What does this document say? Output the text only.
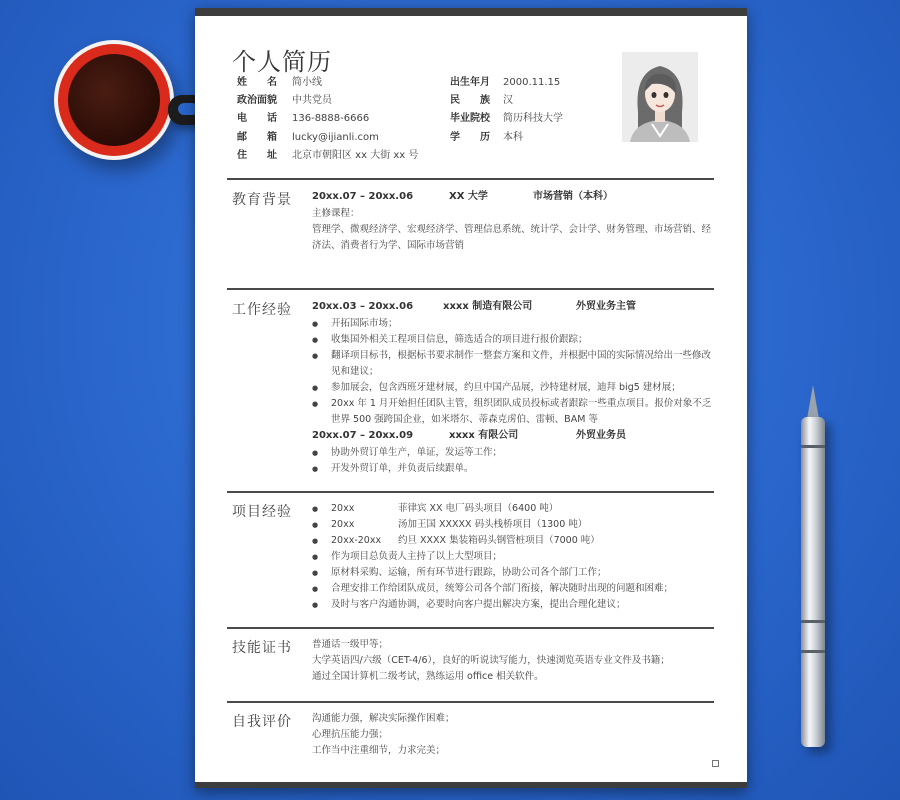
个人简历
姓 名 简小线
政治面貌 中共党员
电 话 136-8888-6666
邮 箱 lucky@ijianli.com
住 址 北京市朝阳区 xx 大街 xx 号
出生年月 2000.11.15
民 族 汉
毕业院校 简历科技大学
学 历 本科
教育背景 20xx.07 – 20xx.06	XX 大学	市场营销（本科）
主修课程：
管理学、微观经济学、宏观经济学、管理信息系统、统计学、会计学、财务管理、市场营销、经
济法、消费者行为学、国际市场营销
工作经验 20xx.03 – 20xx.06	xxxx 制造有限公司	外贸业务主管
● 开拓国际市场；
● 收集国外相关工程项目信息，筛选适合的项目进行报价跟踪；
● 翻译项目标书，根据标书要求制作一整套方案和文件，并根据中国的实际情况给出一些修改见和建议；
● 参加展会，包含西班牙建材展，约旦中国产品展，沙特建材展，迪拜 big5 建材展；
● 20xx 年 1 月开始担任团队主管，组织团队成员投标或者跟踪一些重点项目。报价对象不乏世界 500 强跨国企业，如米塔尔、蒂森克虏伯、雷顿、BAM 等
20xx.07 – 20xx.09	xxxx 有限公司	外贸业务员
● 协助外贸订单生产，单证，发运等工作；
● 开发外贸订单，并负责后续跟单。
项目经验
●	20xx	菲律宾 XX 电厂码头项目（6400 吨）
● 20xx	汤加王国 XXXXX 码头栈桥项目（1300 吨）
● 20xx-20xx 约旦 XXXX 集装箱码头钢管桩项目（7000 吨）
● 作为项目总负责人主持了以上大型项目；
● 原材料采购、运输，所有环节进行跟踪，协助公司各个部门工作；
● 合理安排工作给团队成员，统筹公司各个部门衔接，解决随时出现的问题和困难；
● 及时与客户沟通协调，必要时向客户提出解决方案，提出合理化建议；
技能证书 普通话一级甲等；
大学英语四/六级（CET-4/6），良好的听说读写能力，快速浏览英语专业文件及书籍；
通过全国计算机二级考试，熟练运用 office 相关软件。
自我评价 沟通能力强，解决实际操作困难；
心理抗压能力强；
工作当中注重细节，力求完美；
